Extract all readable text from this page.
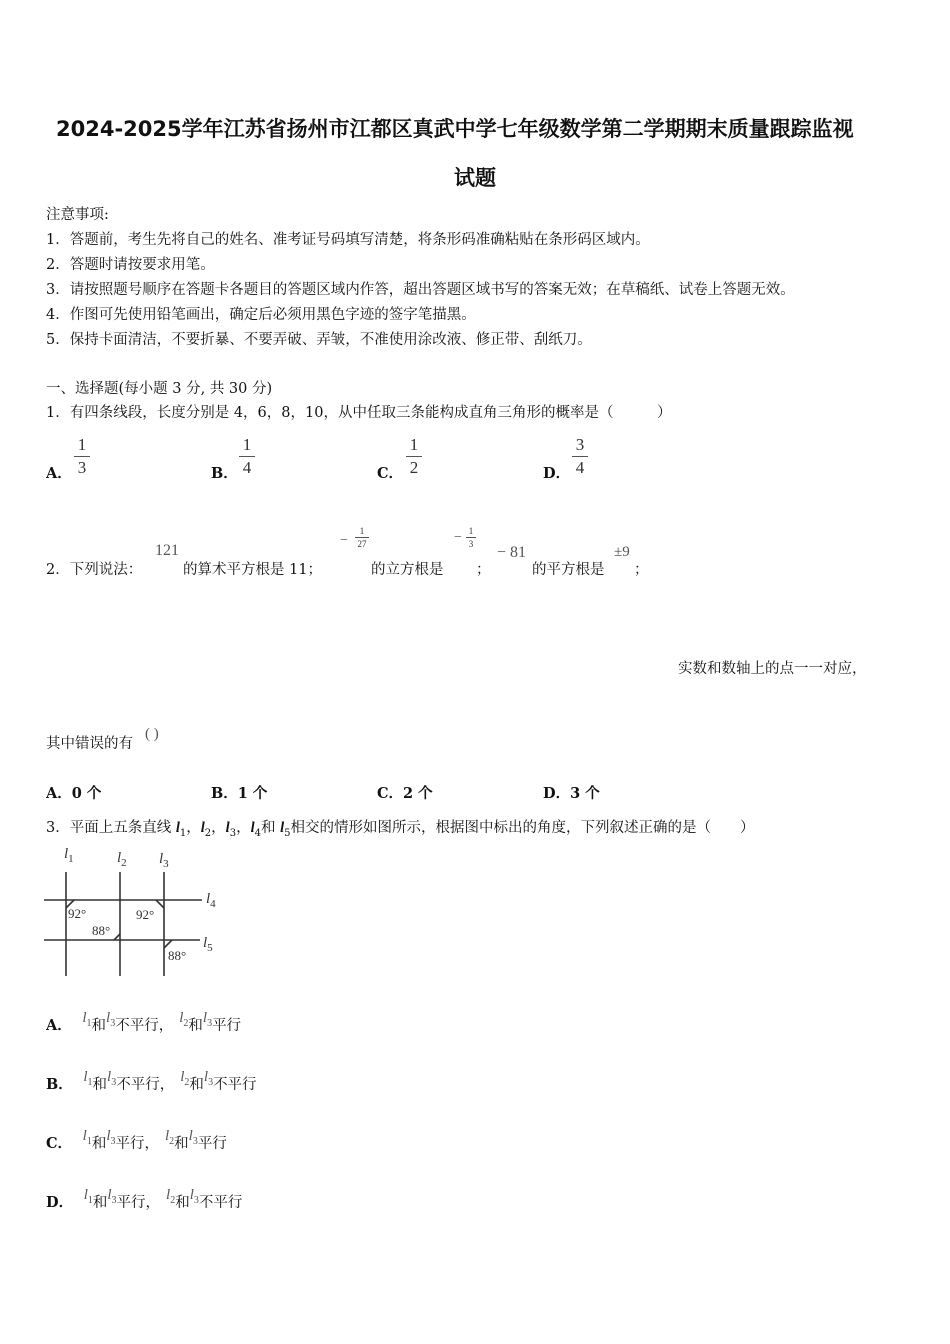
2024-2025学年江苏省扬州市江都区真武中学七年级数学第二学期期末质量跟踪监视
试题
注意事项:
1．答题前，考生先将自己的姓名、准考证号码填写清楚，将条形码准确粘贴在条形码区域内。
2．答题时请按要求用笔。
3．请按照题号顺序在答题卡各题目的答题区域内作答，超出答题区域书写的答案无效；在草稿纸、试卷上答题无效。
4．作图可先使用铅笔画出，确定后必须用黑色字迹的签字笔描黑。
5．保持卡面清洁，不要折暴、不要弄破、弄皱，不准使用涂改液、修正带、刮纸刀。
一、选择题(每小题 3 分, 共 30 分)
1．有四条线段，长度分别是 4，6，8，10，从中任取三条能构成直角三角形的概率是（　　　）
A．
1
3	B．
1
4	C．
1
2	D．
3
4
2．下列说法：
121
的算术平方根是 11；
−
1
27
的立方根是
− 1
3
；
− 81
的平方根是
±9
；
实数和数轴上的点一一对应，
其中错误的有
( )
A．0 个	B．1 个	C．2 个	D．3 个
3．平面上五条直线 $l_1$，$l_2$，$l_3$，$l_4$和 $l_5$相交的情形如图所示，根据图中标出的角度，下列叙述正确的是（　　）
$l_1$	$l_2$ $l_3$
$l_4$
$l_5$
92°
88°
92°
88°
A． $l_1$和$l_3$不平行， $l_2$和$l_3$平行
B． $l_1$和$l_3$不平行， $l_2$和$l_3$不平行
C． $l_1$和$l_3$平行， $l_2$和$l_3$平行
D． $l_1$和$l_3$平行， $l_2$和$l_3$不平行
